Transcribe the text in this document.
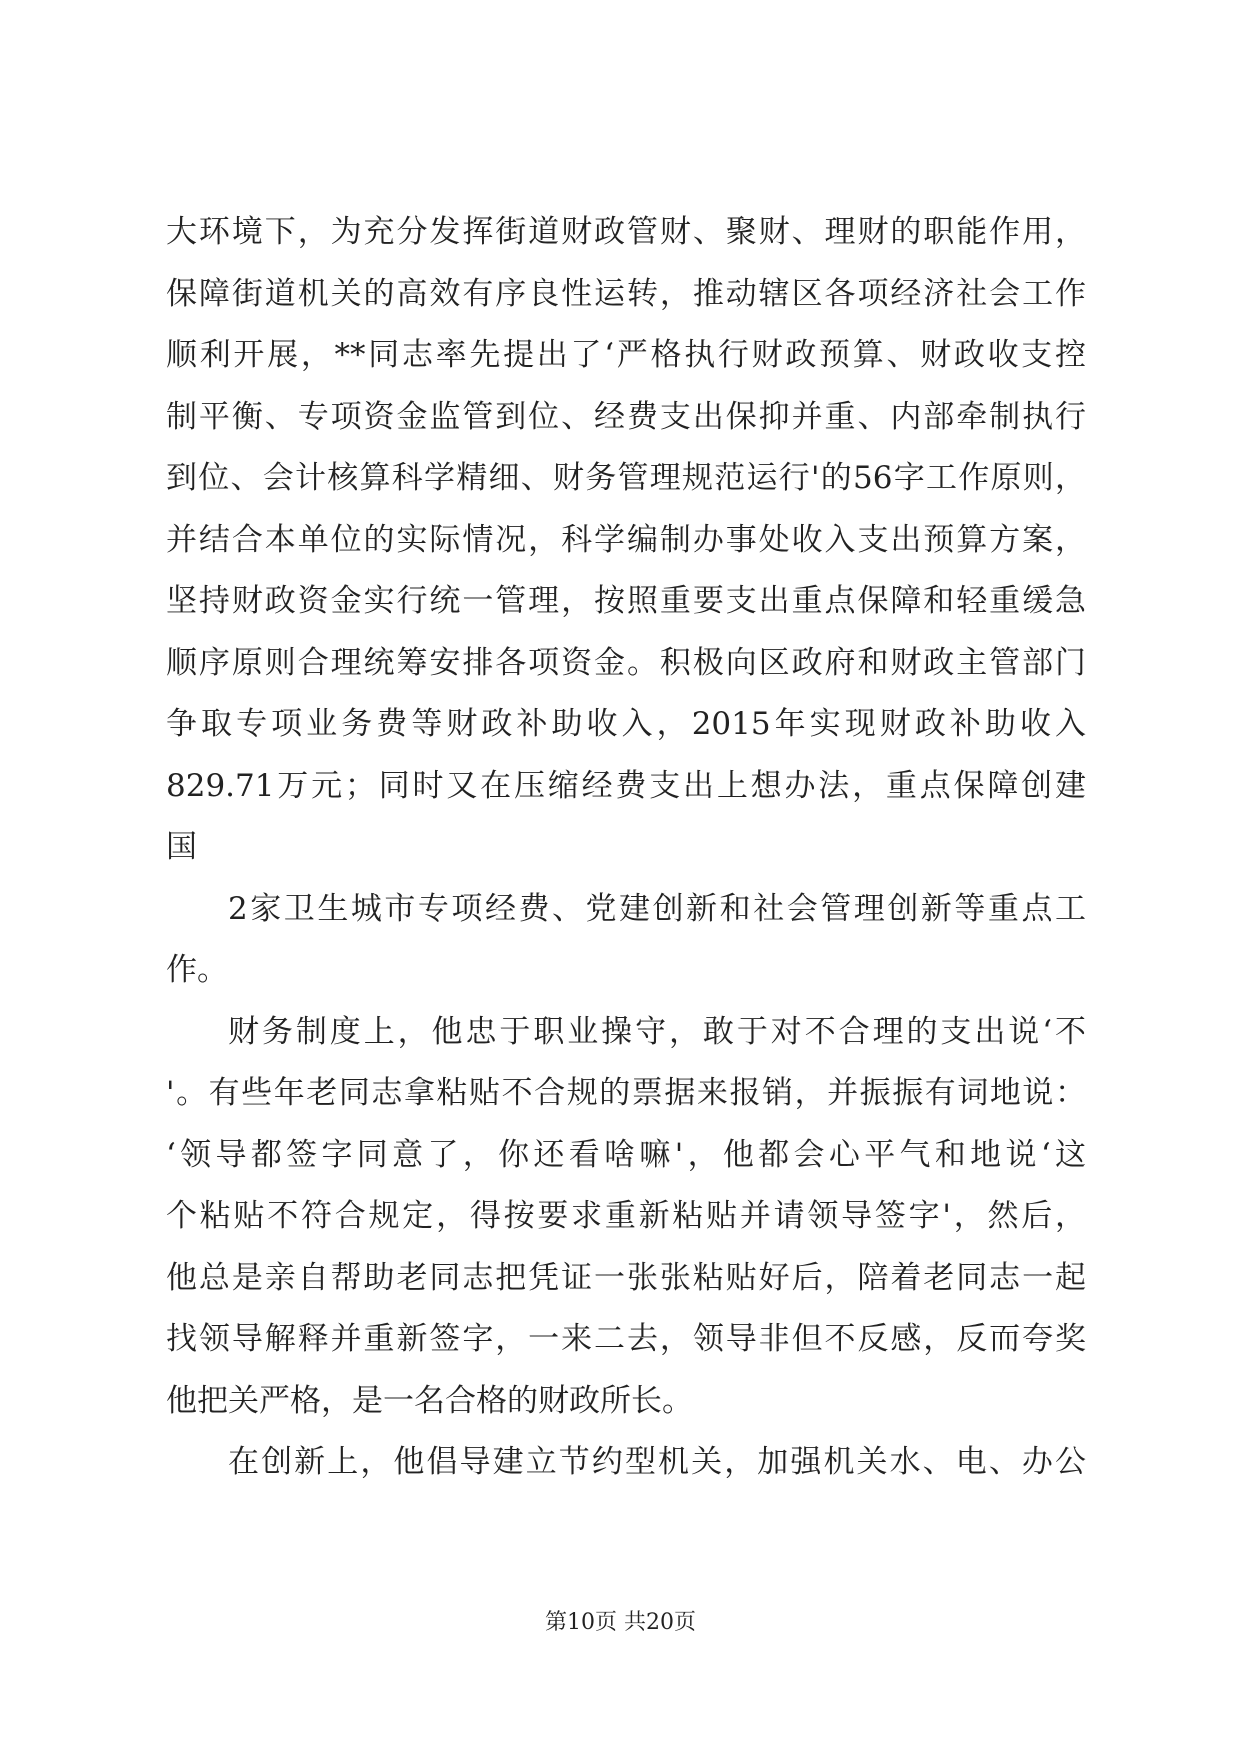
大环境下，为充分发挥街道财政管财、聚财、理财的职能作用，
保障街道机关的高效有序良性运转，推动辖区各项经济社会工作
顺利开展，**同志率先提出了‘严格执行财政预算、财政收支控
制平衡、专项资金监管到位、经费支出保抑并重、内部牵制执行
到位、会计核算科学精细、财务管理规范运行'的56字工作原则，
并结合本单位的实际情况，科学编制办事处收入支出预算方案，
坚持财政资金实行统一管理，按照重要支出重点保障和轻重缓急
顺序原则合理统筹安排各项资金。积极向区政府和财政主管部门
争取专项业务费等财政补助收入，2015年实现财政补助收入
829.71万元；同时又在压缩经费支出上想办法，重点保障创建
国
2家卫生城市专项经费、党建创新和社会管理创新等重点工
作。
财务制度上，他忠于职业操守，敢于对不合理的支出说‘不
'。有些年老同志拿粘贴不合规的票据来报销，并振振有词地说：
‘领导都签字同意了，你还看啥嘛'，他都会心平气和地说‘这
个粘贴不符合规定，得按要求重新粘贴并请领导签字'，然后，
他总是亲自帮助老同志把凭证一张张粘贴好后，陪着老同志一起
找领导解释并重新签字，一来二去，领导非但不反感，反而夸奖
他把关严格，是一名合格的财政所长。
在创新上，他倡导建立节约型机关，加强机关水、电、办公
第10页 共20页
